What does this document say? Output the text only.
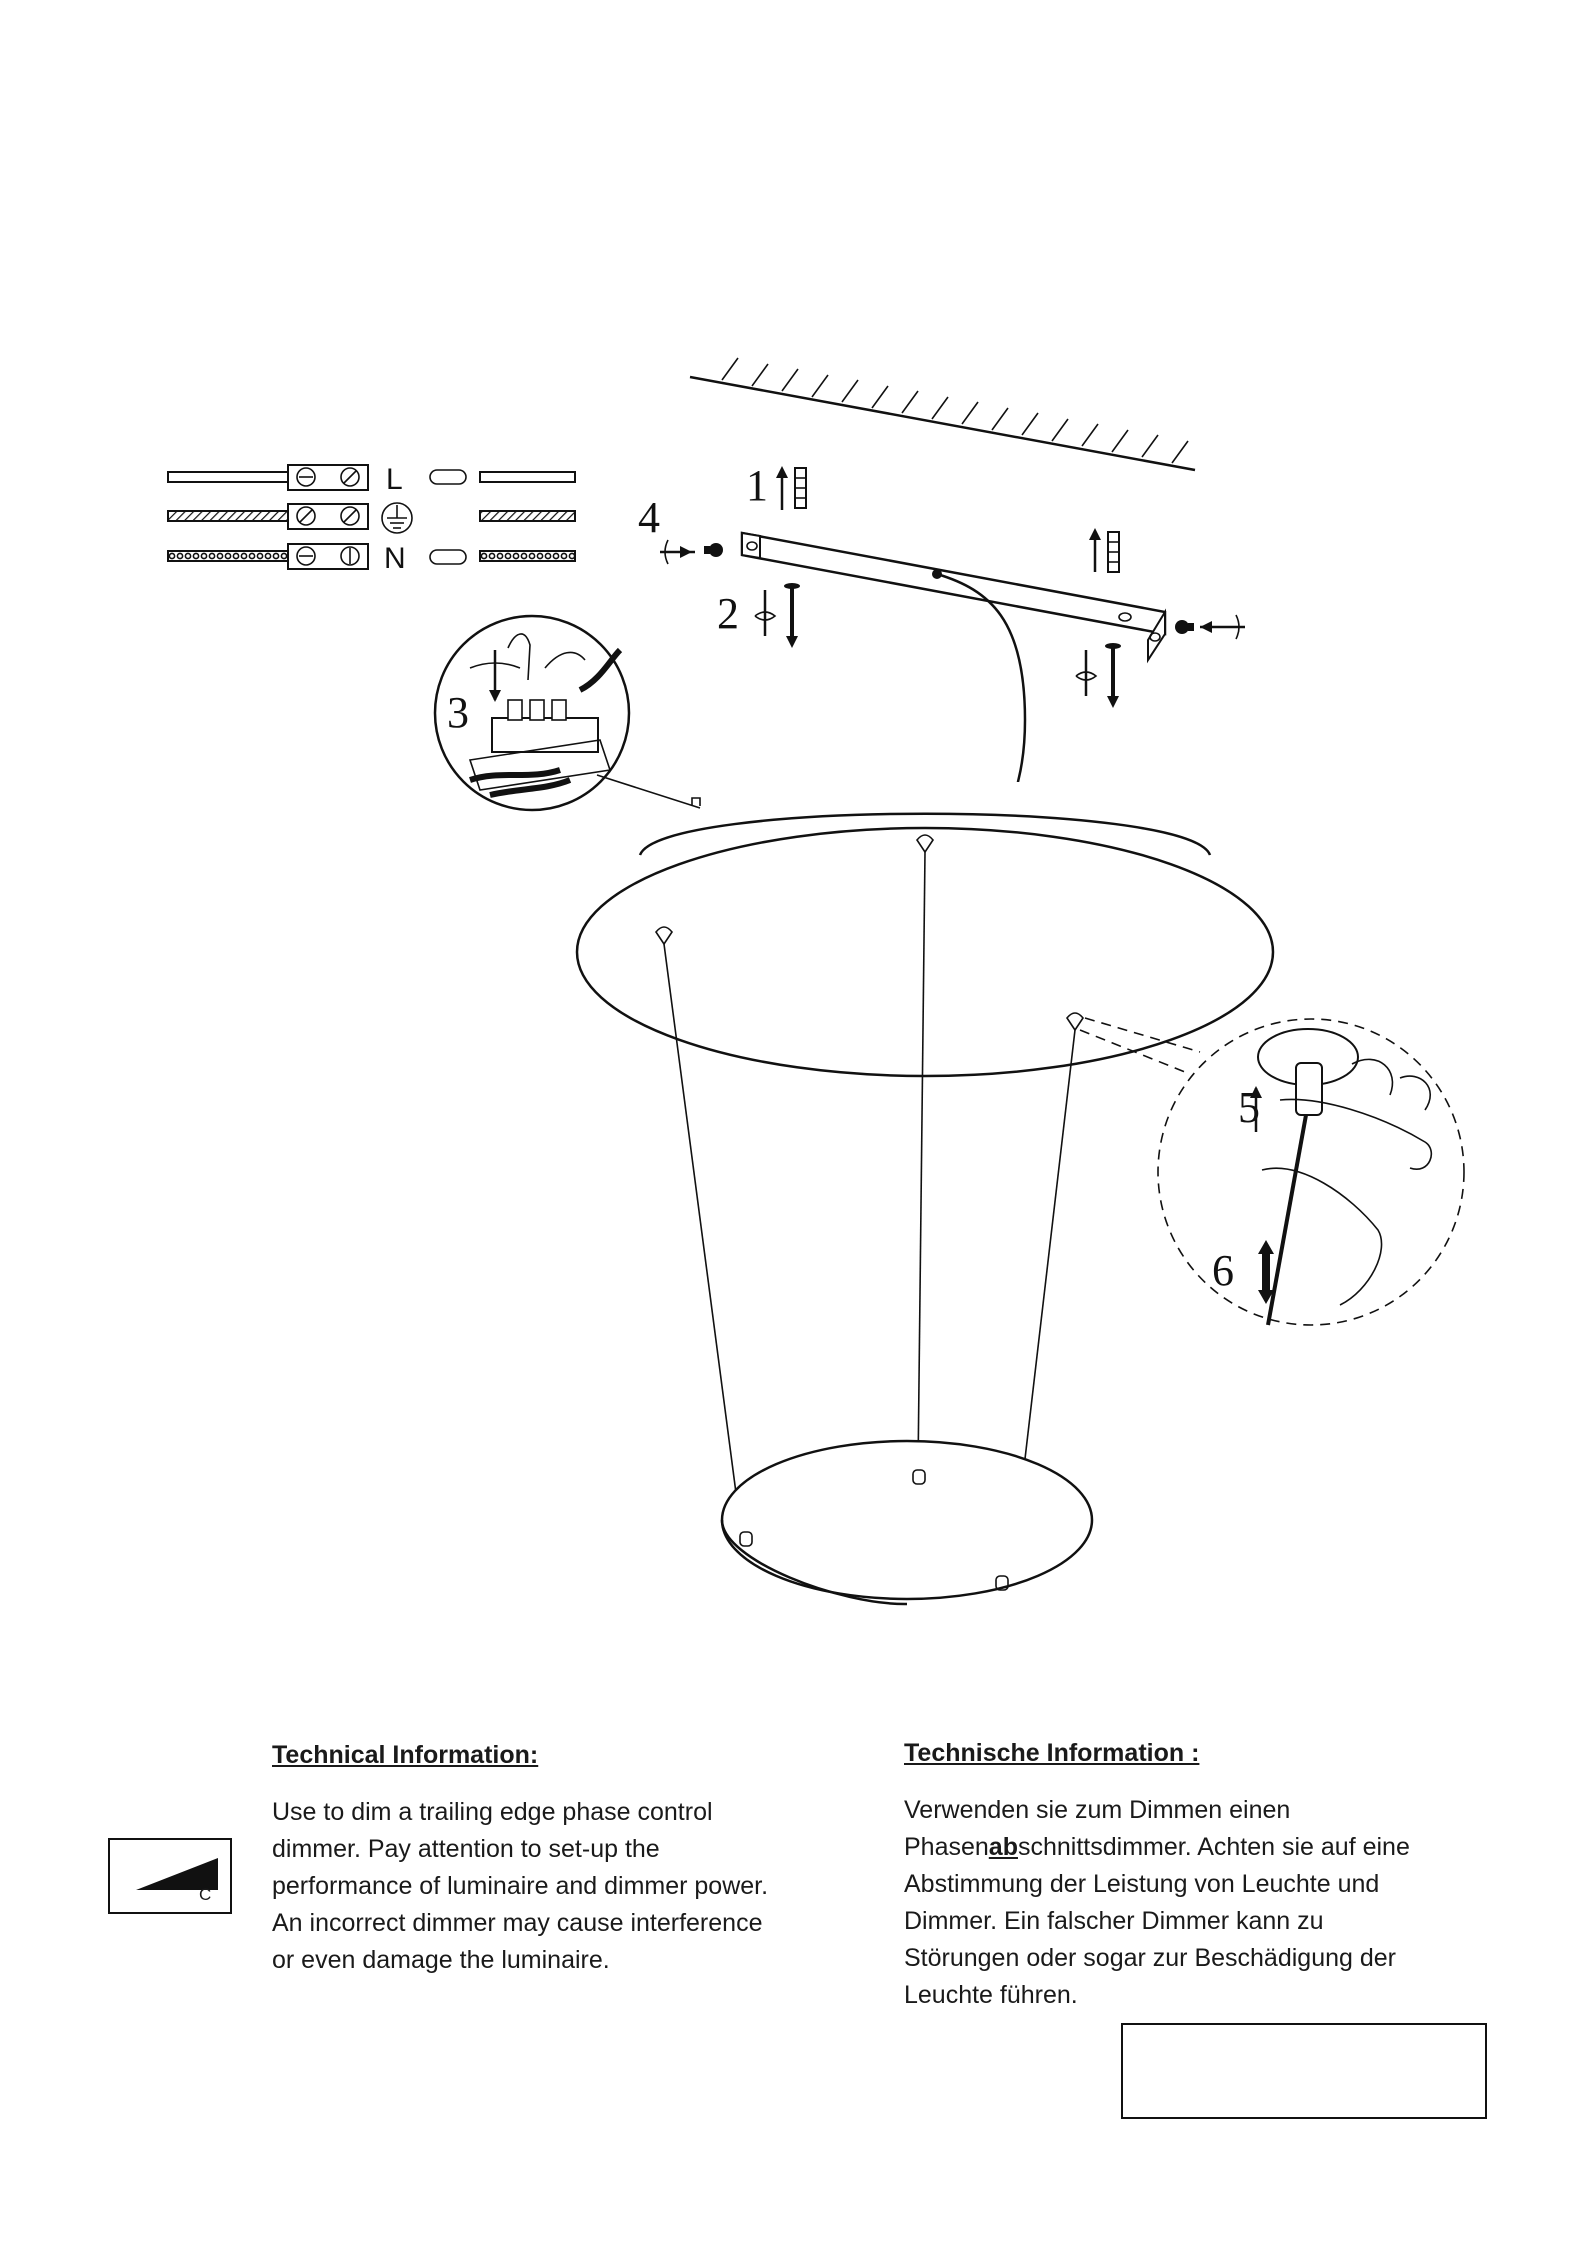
L
N
1
2
3
4
5
6
C

Technical Information:

Use to dim a trailing edge phase control

dimmer. Pay attention to set-up the

performance of luminaire and dimmer power.

An incorrect dimmer may cause interference

or even damage the luminaire.

Technische Information :

Verwenden sie zum Dimmen einen

Phasenabschnittsdimmer. Achten sie auf eine

Abstimmung der Leistung von Leuchte und

Dimmer. Ein falscher Dimmer kann zu

Störungen oder sogar zur Beschädigung der

Leuchte führen.
